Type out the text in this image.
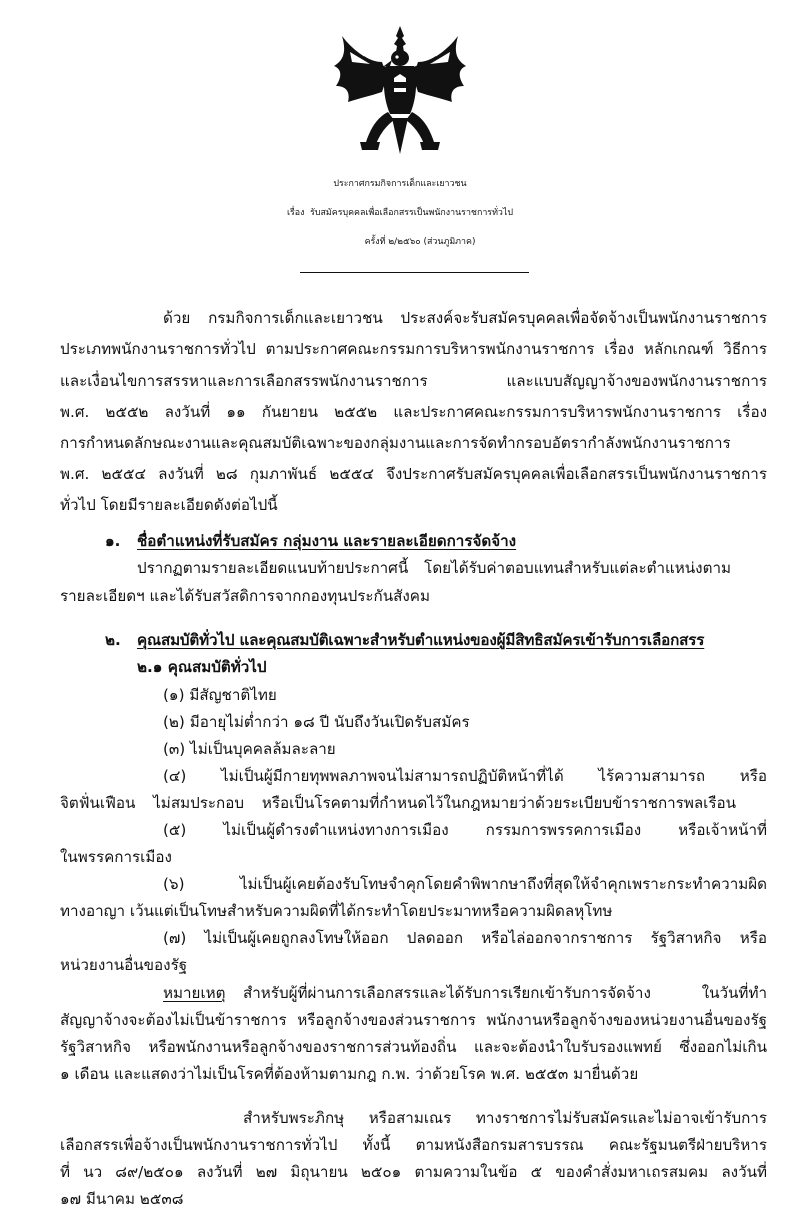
ประกาศกรมกิจการเด็กและเยาวชน
เรื่อง รับสมัครบุคคลเพื่อเลือกสรรเป็นพนักงานราชการทั่วไป
ครั้งที่ ๒/๒๕๖๐ (ส่วนภูมิภาค)
ด้วย กรมกิจการเด็กและเยาวชน ประสงค์จะรับสมัครบุคคลเพื่อจัดจ้างเป็นพนักงานราชการ
ประเภทพนักงานราชการทั่วไป ตามประกาศคณะกรรมการบริหารพนักงานราชการ เรื่อง หลักเกณฑ์ วิธีการ
และเงื่อนไขการสรรหาและการเลือกสรรพนักงานราชการ และแบบสัญญาจ้างของพนักงานราชการ
พ.ศ. ๒๕๕๒ ลงวันที่ ๑๑ กันยายน ๒๕๕๒ และประกาศคณะกรรมการบริหารพนักงานราชการ เรื่อง
การกำหนดลักษณะงานและคุณสมบัติเฉพาะของกลุ่มงานและการจัดทำกรอบอัตรากำลังพนักงานราชการ
พ.ศ. ๒๕๕๔ ลงวันที่ ๒๘ กุมภาพันธ์ ๒๕๕๔ จึงประกาศรับสมัครบุคคลเพื่อเลือกสรรเป็นพนักงานราชการ
ทั่วไป โดยมีรายละเอียดดังต่อไปนี้
๑. ชื่อตำแหน่งที่รับสมัคร กลุ่มงาน และรายละเอียดการจัดจ้าง
ปรากฏตามรายละเอียดแนบท้ายประกาศนี้ โดยได้รับค่าตอบแทนสำหรับแต่ละตำแหน่งตาม
รายละเอียดฯ และได้รับสวัสดิการจากกองทุนประกันสังคม
๒. คุณสมบัติทั่วไป และคุณสมบัติเฉพาะสำหรับตำแหน่งของผู้มีสิทธิสมัครเข้ารับการเลือกสรร
๒.๑ คุณสมบัติทั่วไป
(๑) มีสัญชาติไทย
(๒) มีอายุไม่ต่ำกว่า ๑๘ ปี นับถึงวันเปิดรับสมัคร
(๓) ไม่เป็นบุคคลล้มละลาย
(๔) ไม่เป็นผู้มีกายทุพพลภาพจนไม่สามารถปฏิบัติหน้าที่ได้ ไร้ความสามารถ หรือ
จิตฟั่นเฟือน ไม่สมประกอบ หรือเป็นโรคตามที่กำหนดไว้ในกฎหมายว่าด้วยระเบียบข้าราชการพลเรือน
(๕) ไม่เป็นผู้ดำรงตำแหน่งทางการเมือง กรรมการพรรคการเมือง หรือเจ้าหน้าที่
ในพรรคการเมือง
(๖) ไม่เป็นผู้เคยต้องรับโทษจำคุกโดยคำพิพากษาถึงที่สุดให้จำคุกเพราะกระทำความผิด
ทางอาญา เว้นแต่เป็นโทษสำหรับความผิดที่ได้กระทำโดยประมาทหรือความผิดลหุโทษ
(๗) ไม่เป็นผู้เคยถูกลงโทษให้ออก ปลดออก หรือไล่ออกจากราชการ รัฐวิสาหกิจ หรือ
หน่วยงานอื่นของรัฐ
หมายเหตุ สำหรับผู้ที่ผ่านการเลือกสรรและได้รับการเรียกเข้ารับการจัดจ้าง ในวันที่ทำ
สัญญาจ้างจะต้องไม่เป็นข้าราชการ หรือลูกจ้างของส่วนราชการ พนักงานหรือลูกจ้างของหน่วยงานอื่นของรัฐ
รัฐวิสาหกิจ หรือพนักงานหรือลูกจ้างของราชการส่วนท้องถิ่น และจะต้องนำใบรับรองแพทย์ ซึ่งออกไม่เกิน
๑ เดือน และแสดงว่าไม่เป็นโรคที่ต้องห้ามตามกฎ ก.พ. ว่าด้วยโรค พ.ศ. ๒๕๕๓ มายื่นด้วย
สำหรับพระภิกษุ หรือสามเณร ทางราชการไม่รับสมัครและไม่อาจเข้ารับการ
เลือกสรรเพื่อจ้างเป็นพนักงานราชการทั่วไป ทั้งนี้ ตามหนังสือกรมสารบรรณ คณะรัฐมนตรีฝ่ายบริหาร
ที่ นว ๘๙/๒๕๐๑ ลงวันที่ ๒๗ มิถุนายน ๒๕๐๑ ตามความในข้อ ๕ ของคำสั่งมหาเถรสมคม ลงวันที่
๑๗ มีนาคม ๒๕๓๘
